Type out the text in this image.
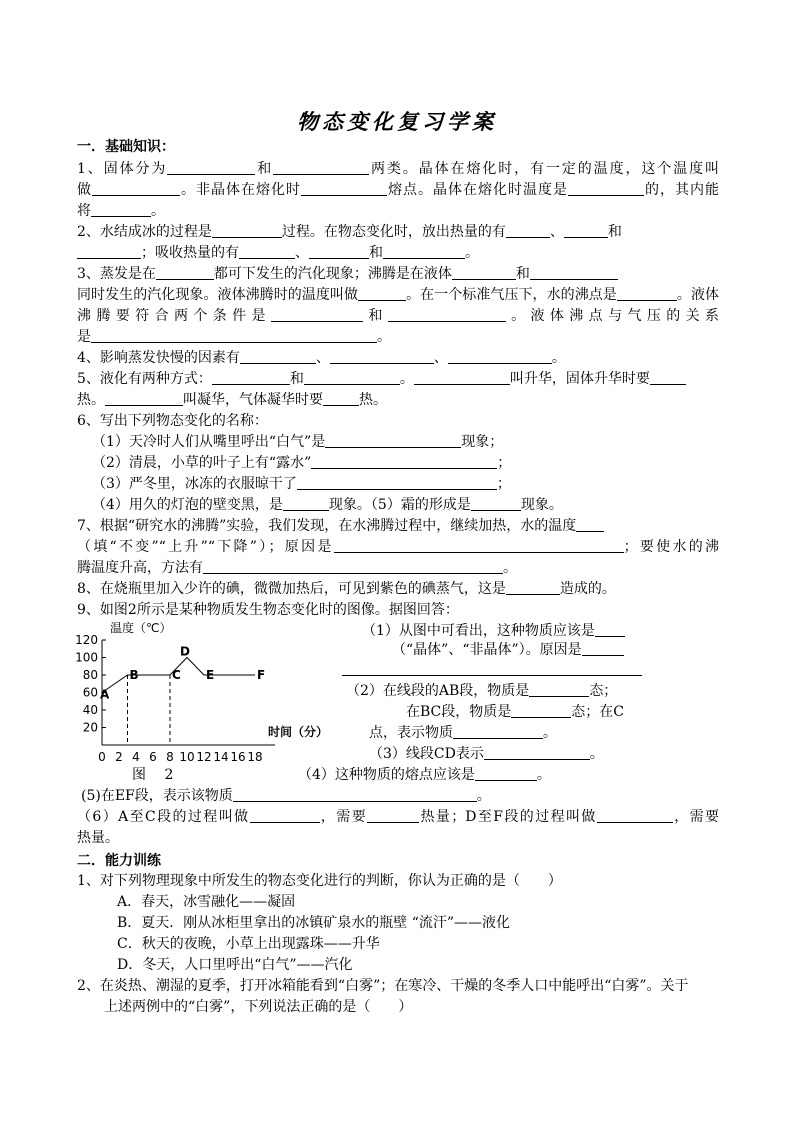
物态变化复习学案
一．基础知识：
1、固体分为	和	两类。晶体在熔化时，有一定的温度，这个温度叫
做	。非晶体在熔化时	熔点。晶体在熔化时温度是	的，其内能
将	。
2、水结成冰的过程是	过程。在物态变化时，放出热量的有	、	和
；吸收热量的有	、	和	。
3、蒸发是在	都可下发生的汽化现象；沸腾是在液体	和
同时发生的汽化现象。液体沸腾时的温度叫做	。在一个标准气压下，水的沸点是	。液体
沸腾要符合两个条件是	和	。液体沸点与气压的关系
是	。
4、影响蒸发快慢的因素有	、	、	。
5、液化有两种方式：	和	。	叫升华，固体升华时要
热。	叫凝华，气体凝华时要	热。
6、写出下列物态变化的名称：
（1）天冷时人们从嘴里呼出“白气”是	现象；
（2）清晨，小草的叶子上有“露水”	；
（3）严冬里，冰冻的衣服晾干了	；
（4）用久的灯泡的壁变黑，是	现象。（5）霜的形成是	现象。
7、根据“研究水的沸腾”实验，我们发现，在水沸腾过程中，继续加热，水的温度
（填“不变”“上升”“下降”）；原因是	；要使水的沸
腾温度升高，方法有	。
8、在烧瓶里加入少许的碘，微微加热后，可见到紫色的碘蒸气，这是	造成的。
9、如图2所示是某种物质发生物态变化时的图像。据图回答：
120
100
80
60
40
20
0 2 4 6 8 10 12 14 16 18
A
B	C
D
E	F
温度（℃）
时间（分）
（1）从图中可看出，这种物质应该是
（“晶体”、“非晶体”）。原因是
（2）在线段的AB段，物质是	态；
在BC段，物质是	态；在C
点，表示物质	。
（3）线段CD表示	。
图　 2	（4）这种物质的熔点应该是	。
(5)在EF段，表示该物质	。
（6）A至C段的过程叫做	，需要	热量；D至F段的过程叫做	，需要
热量。
二．能力训练
1、对下列物理现象中所发生的物态变化进行的判断，你认为正确的是（　　）
A．春天，冰雪融化——凝固
B．夏天．刚从冰柜里拿出的冰镇矿泉水的瓶壁 “流汗”——液化
C．秋天的夜晚，小草上出现露珠——升华
D．冬天，人口里呼出“白气”——汽化
2、在炎热、潮湿的夏季，打开冰箱能看到“白雾”；在寒冷、干燥的冬季人口中能呼出“白雾”。关于
上述两例中的“白雾”，下列说法正确的是（　　）
